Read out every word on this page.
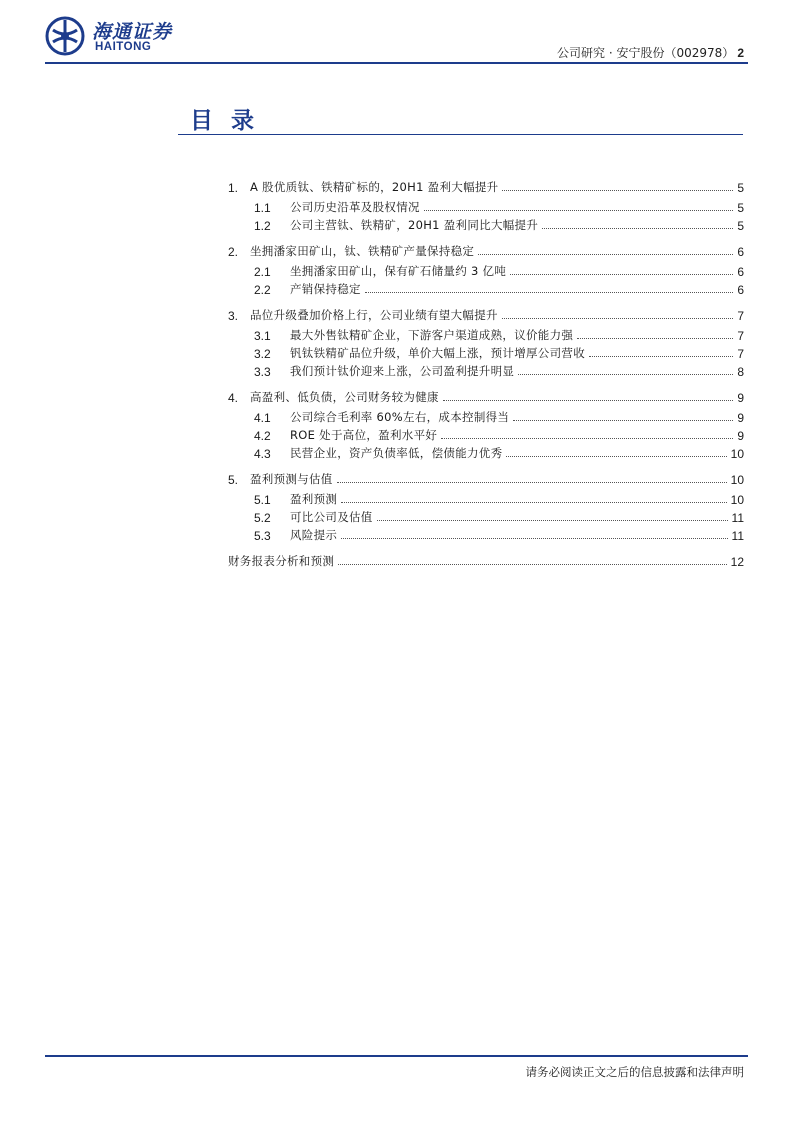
海通证券
HAITONG	公司研究 · 安宁股份（002978） 2
目录
1.	A 股优质钛、铁精矿标的，20H1 盈利大幅提升	5
1.1	公司历史沿革及股权情况	5
1.2	公司主营钛、铁精矿，20H1 盈利同比大幅提升	5
2.	坐拥潘家田矿山，钛、铁精矿产量保持稳定	6
2.1	坐拥潘家田矿山，保有矿石储量约 3 亿吨	6
2.2	产销保持稳定	6
3.	品位升级叠加价格上行，公司业绩有望大幅提升	7
3.1	最大外售钛精矿企业，下游客户渠道成熟，议价能力强	7
3.2	钒钛铁精矿品位升级，单价大幅上涨，预计增厚公司营收	7
3.3	我们预计钛价迎来上涨，公司盈利提升明显	8
4.	高盈利、低负债，公司财务较为健康	9
4.1	公司综合毛利率 60%左右，成本控制得当	9
4.2	ROE 处于高位，盈利水平好	9
4.3	民营企业，资产负债率低，偿债能力优秀	10
5.	盈利预测与估值	10
5.1	盈利预测	10
5.2	可比公司及估值	11
5.3	风险提示	11
财务报表分析和预测	12
请务必阅读正文之后的信息披露和法律声明
